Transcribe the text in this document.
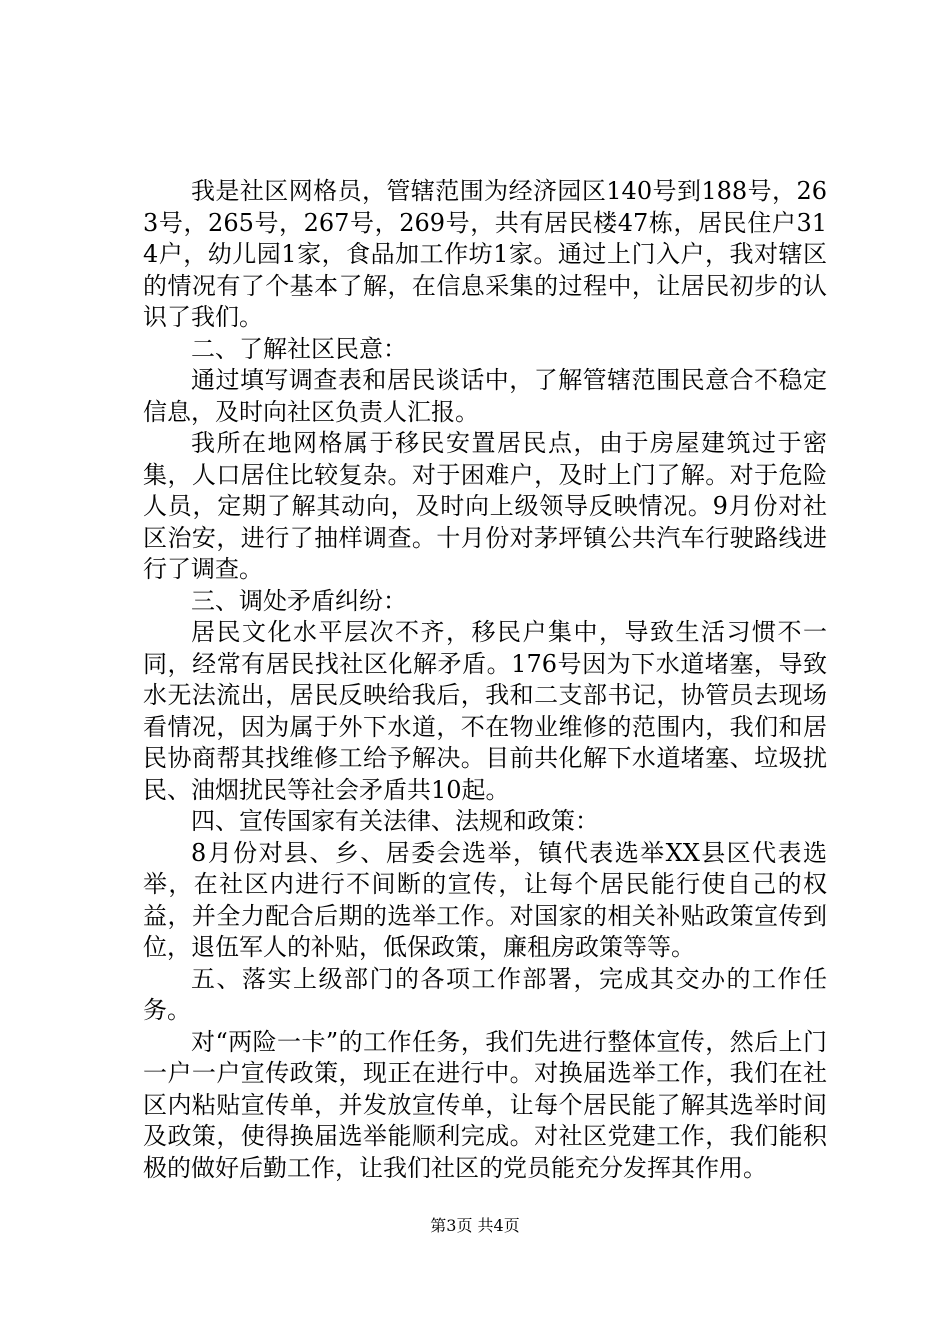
我是社区网格员，管辖范围为经济园区140号到188号，263号，265号，267号，269号，共有居民楼47栋，居民住户314户，幼儿园1家，食品加工作坊1家。通过上门入户，我对辖区的情况有了个基本了解，在信息采集的过程中，让居民初步的认识了我们。

二、了解社区民意：

通过填写调查表和居民谈话中，了解管辖范围民意合不稳定信息，及时向社区负责人汇报。

我所在地网格属于移民安置居民点，由于房屋建筑过于密集，人口居住比较复杂。对于困难户，及时上门了解。对于危险人员，定期了解其动向，及时向上级领导反映情况。9月份对社区治安，进行了抽样调查。十月份对茅坪镇公共汽车行驶路线进行了调查。

三、调处矛盾纠纷：

居民文化水平层次不齐，移民户集中，导致生活习惯不一同，经常有居民找社区化解矛盾。176号因为下水道堵塞，导致水无法流出，居民反映给我后，我和二支部书记，协管员去现场看情况，因为属于外下水道，不在物业维修的范围内，我们和居民协商帮其找维修工给予解决。目前共化解下水道堵塞、垃圾扰民、油烟扰民等社会矛盾共10起。

四、宣传国家有关法律、法规和政策：

8月份对县、乡、居委会选举，镇代表选举XX县区代表选举，在社区内进行不间断的宣传，让每个居民能行使自己的权益，并全力配合后期的选举工作。对国家的相关补贴政策宣传到位，退伍军人的补贴，低保政策，廉租房政策等等。

五、落实上级部门的各项工作部署，完成其交办的工作任务。

对“两险一卡”的工作任务，我们先进行整体宣传，然后上门一户一户宣传政策，现正在进行中。对换届选举工作，我们在社区内粘贴宣传单，并发放宣传单，让每个居民能了解其选举时间及政策，使得换届选举能顺利完成。对社区党建工作，我们能积极的做好后勤工作，让我们社区的党员能充分发挥其作用。

第3页 共4页
